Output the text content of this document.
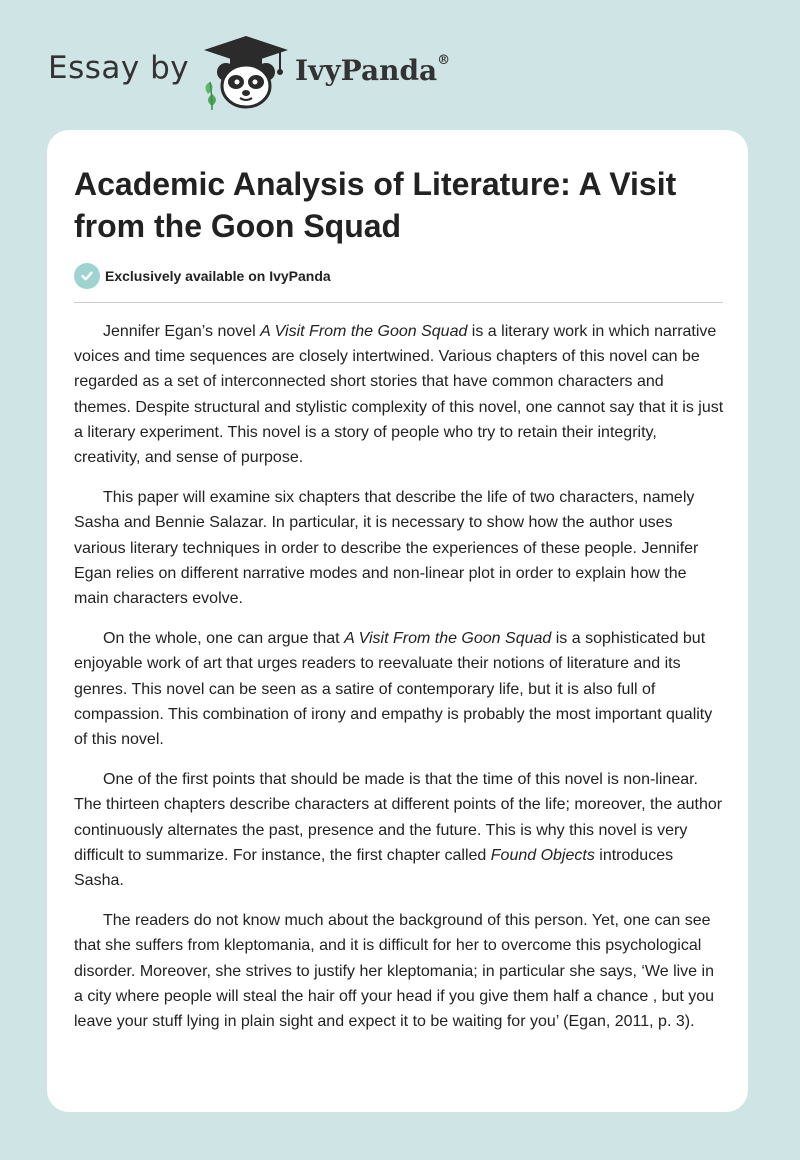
Essay by	IvyPanda®
Academic Analysis of Literature: A Visit from the Goon Squad
Exclusively available on IvyPanda

Jennifer Egan’s novel A Visit From the Goon Squad is a literary work in which narrative voices and time sequences are closely intertwined. Various chapters of this novel can be regarded as a set of interconnected short stories that have common characters and themes. Despite structural and stylistic complexity of this novel, one cannot say that it is just a literary experiment. This novel is a story of people who try to retain their integrity, creativity, and sense of purpose.

This paper will examine six chapters that describe the life of two characters, namely Sasha and Bennie Salazar. In particular, it is necessary to show how the author uses various literary techniques in order to describe the experiences of these people. Jennifer Egan relies on different narrative modes and non-linear plot in order to explain how the main characters evolve.

On the whole, one can argue that A Visit From the Goon Squad is a sophisticated but enjoyable work of art that urges readers to reevaluate their notions of literature and its genres. This novel can be seen as a satire of contemporary life, but it is also full of compassion. This combination of irony and empathy is probably the most important quality of this novel.

One of the first points that should be made is that the time of this novel is non-linear. The thirteen chapters describe characters at different points of the life; moreover, the author continuously alternates the past, presence and the future. This is why this novel is very difficult to summarize. For instance, the first chapter called Found Objects introduces Sasha.

The readers do not know much about the background of this person. Yet, one can see that she suffers from kleptomania, and it is difficult for her to overcome this psychological disorder. Moreover, she strives to justify her kleptomania; in particular she says, ‘We live in a city where people will steal the hair off your head if you give them half a chance , but you leave your stuff lying in plain sight and expect it to be waiting for you’ (Egan, 2011, p. 3).
